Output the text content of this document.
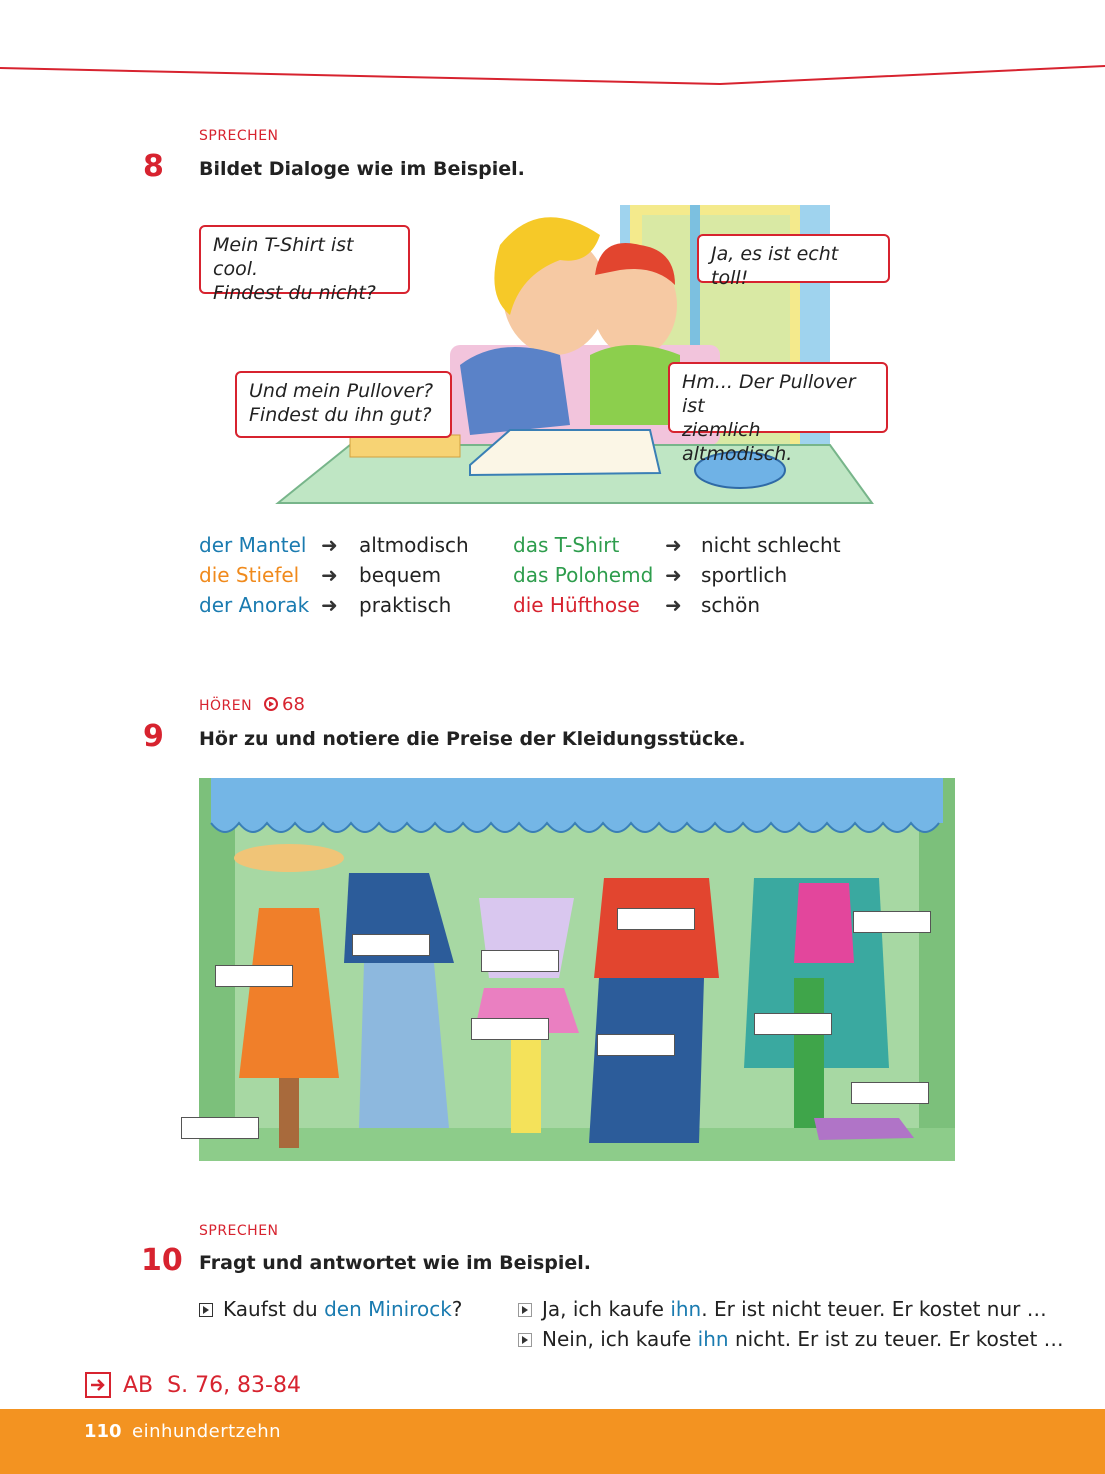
SPRECHEN
8 Bildet Dialoge wie im Beispiel.
Mein T-Shirt ist cool.
Findest du nicht?
Ja, es ist echt toll!
Und mein Pullover?
Findest du ihn gut?
Hm... Der Pullover ist
ziemlich altmodisch.
der Mantel ➜	altmodisch	das T-Shirt	➜ nicht schlecht
die Stiefel	➜	bequem	das Polohemd ➜ sportlich
der Anorak ➜	praktisch	die Hüfthose	➜ schön
HÖREN	68
9 Hör zu und notiere die Preise der Kleidungsstücke.
SPRECHEN
10 Fragt und antwortet wie im Beispiel.
Kaufst du den Minirock?	Ja, ich kaufe ihn. Er ist nicht teuer. Er kostet nur …
Nein, ich kaufe ihn nicht. Er ist zu teuer. Er kostet …
AB  S. 76, 83-84
110 einhundertzehn
